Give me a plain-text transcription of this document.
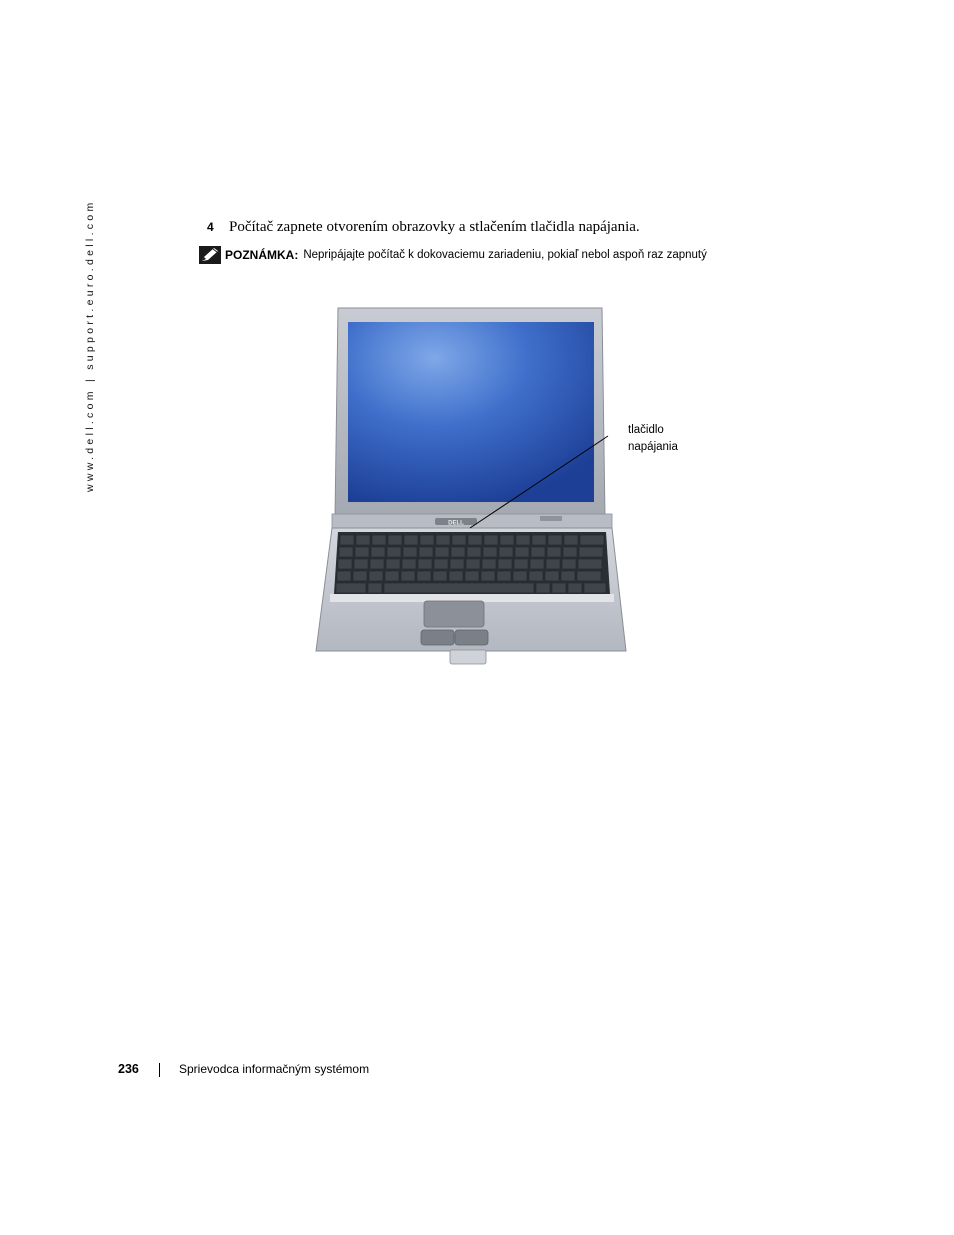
www.dell.com | support.euro.dell.com	4 Počítač zapnete otvorením obrazovky a stlačením tlačidla napájania.
POZNÁMKA: Nepripájajte počítač k dokovaciemu zariadeniu, pokiaľ nebol aspoň raz zapnutý
DELL
tlačidlo
napájania
236	Sprievodca informačným systémom
